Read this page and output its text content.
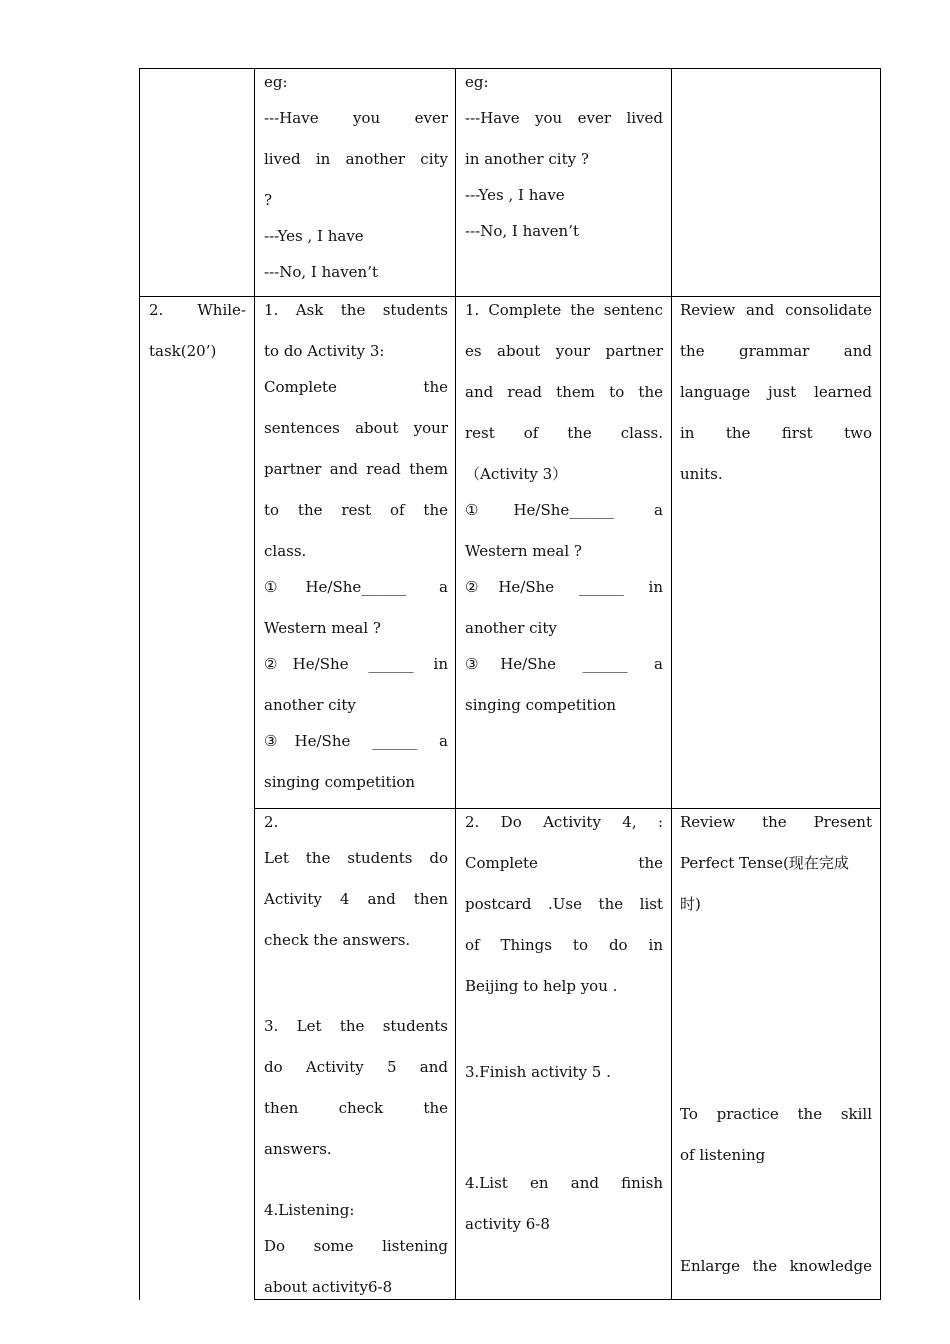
eg:
---Have you ever
lived in another city
?
---Yes , I have
---No, I haven’t
eg:
---Have you ever lived
in another city ?
---Yes , I have
---No, I haven’t
2. While-
task(20’)
1. Ask the students
to do Activity 3:
Complete the
sentences about your
partner and read them
to the rest of the
class.
①He/She______ a
Western meal ?
②He/She ______ in
another city
③He/She ______ a
singing competition
1. Complete the sentenc
es about your partner
and read them to the
rest of the class.
（Activity 3）
①He/She______ a
Western meal ?
②He/She ______ in
another city
③He/She ______ a
singing competition
Review and consolidate
the grammar and
language just learned
in the first two
units.
2.
Let the students do
Activity 4 and then
check the answers.
3. Let the students
do Activity 5 and
then check the
answers.
4.Listening:
Do some listening
about activity6-8
2. Do Activity 4, :
Complete the
postcard .Use the list
of Things to do in
Beijing to help you .
3.Finish activity 5 .
4.List en and finish
activity 6-8
Review the Present
Perfect Tense(现在完成
时)
To practice the skill
of listening
Enlarge the knowledge
